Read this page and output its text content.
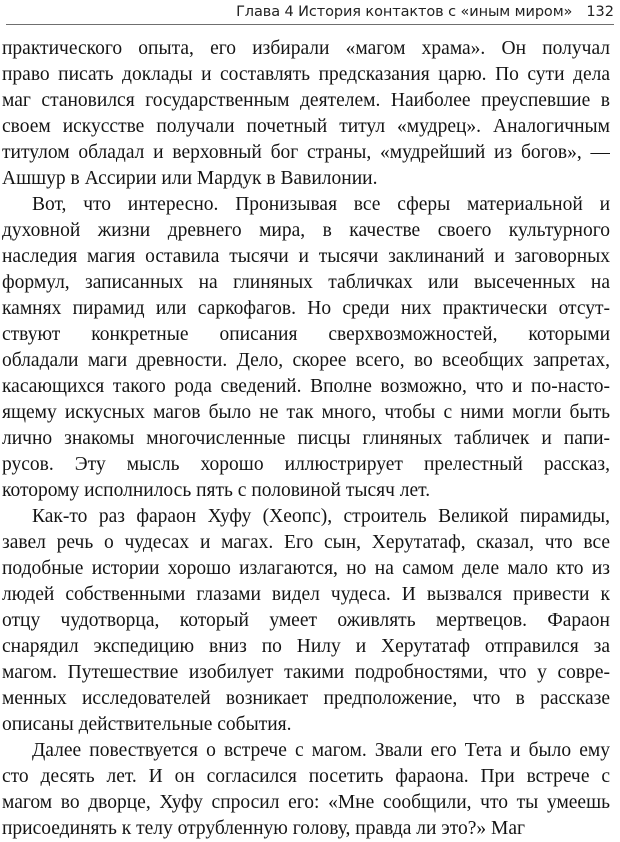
Глава 4 История контактов с «иным миром» 132
практического опыта, его избирали «магом храма». Он получал
право писать доклады и составлять предсказания царю. По сути дела
маг становился государственным деятелем. Наиболее преуспевшие в
своем искусстве получали почетный титул «мудрец». Аналогичным
титулом обладал и верховный бог страны, «мудрейший из богов», —
Ашшур в Ассирии или Мардук в Вавилонии.
Вот, что интересно. Пронизывая все сферы материальной и
духовной жизни древнего мира, в качестве своего культурного
наследия магия оставила тысячи и тысячи заклинаний и заговорных
формул, записанных на глиняных табличках или высеченных на
камнях пирамид или саркофагов. Но среди них практически отсут-
ствуют конкретные описания сверхвозможностей, которыми
обладали маги древности. Дело, скорее всего, во всеобщих запретах,
касающихся такого рода сведений. Вполне возможно, что и по-насто-
ящему искусных магов было не так много, чтобы с ними могли быть
лично знакомы многочисленные писцы глиняных табличек и папи-
русов. Эту мысль хорошо иллюстрирует прелестный рассказ,
которому исполнилось пять с половиной тысяч лет.
Как-то раз фараон Хуфу (Хеопс), строитель Великой пирамиды,
завел речь о чудесах и магах. Его сын, Херутатаф, сказал, что все
подобные истории хорошо излагаются, но на самом деле мало кто из
людей собственными глазами видел чудеса. И вызвался привести к
отцу чудотворца, который умеет оживлять мертвецов. Фараон
снарядил экспедицию вниз по Нилу и Херутатаф отправился за
магом. Путешествие изобилует такими подробностями, что у совре-
менных исследователей возникает предположение, что в рассказе
описаны действительные события.
Далее повествуется о встрече с магом. Звали его Тета и было ему
сто десять лет. И он согласился посетить фараона. При встрече с
магом во дворце, Хуфу спросил его: «Мне сообщили, что ты умеешь
присоединять к телу отрубленную голову, правда ли это?» Маг
